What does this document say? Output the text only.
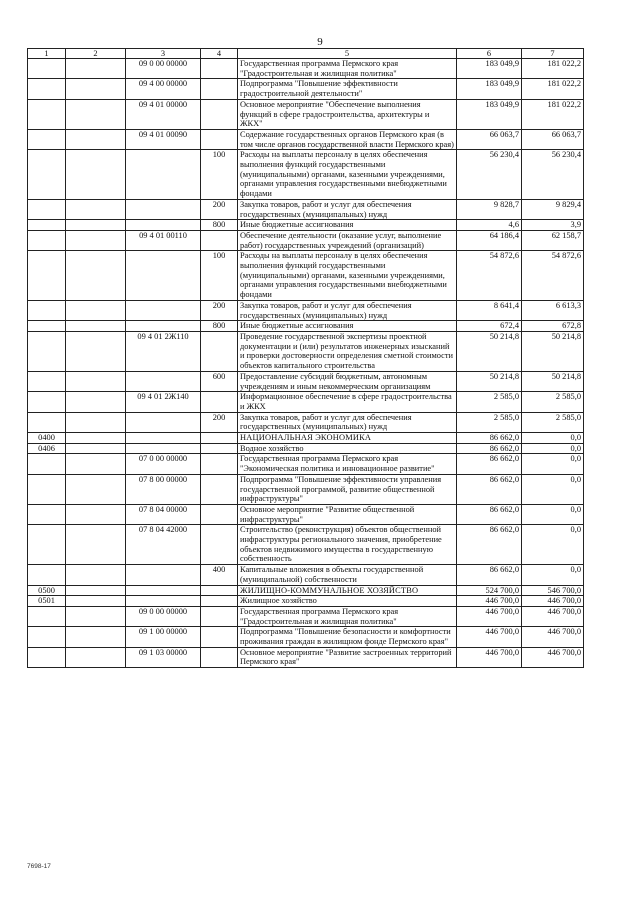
9
1	2	3	4	5	6	7
		09 0 00 00000		Государственная программа Пермского края "Градостроительная и жилищная политика"	183 049,9	181 022,2
		09 4 00 00000		Подпрограмма "Повышение эффективности градостроительной деятельности"	183 049,9	181 022,2
		09 4 01 00000		Основное мероприятие "Обеспечение выполнения функций в сфере градостроительства, архитектуры и ЖКХ"	183 049,9	181 022,2
		09 4 01 00090		Содержание государственных органов Пермского края (в том числе органов государственной власти Пермского края)	66 063,7	66 063,7
			100	Расходы на выплаты персоналу в целях обеспечения выполнения функций государственными (муниципальными) органами, казенными учреждениями, органами управления государственными внебюджетными фондами	56 230,4	56 230,4
			200	Закупка товаров, работ и услуг для обеспечения государственных (муниципальных) нужд	9 828,7	9 829,4
			800	Иные бюджетные ассигнования	4,6	3,9
		09 4 01 00110		Обеспечение деятельности (оказание услуг, выполнение работ) государственных учреждений (организаций)	64 186,4	62 158,7
			100	Расходы на выплаты персоналу в целях обеспечения выполнения функций государственными (муниципальными) органами, казенными учреждениями, органами управления государственными внебюджетными фондами	54 872,6	54 872,6
			200	Закупка товаров, работ и услуг для обеспечения государственных (муниципальных) нужд	8 641,4	6 613,3
			800	Иные бюджетные ассигнования	672,4	672,8
		09 4 01 2Ж110		Проведение государственной экспертизы проектной документации и (или) результатов инженерных изысканий и проверки достоверности определения сметной стоимости объектов капитального строительства	50 214,8	50 214,8
			600	Предоставление субсидий бюджетным, автономным учреждениям и иным некоммерческим организациям	50 214,8	50 214,8
		09 4 01 2Ж140		Информационное обеспечение в сфере градостроительства и ЖКХ	2 585,0	2 585,0
			200	Закупка товаров, работ и услуг для обеспечения государственных (муниципальных) нужд	2 585,0	2 585,0
0400				НАЦИОНАЛЬНАЯ ЭКОНОМИКА	86 662,0	0,0
0406				Водное хозяйство	86 662,0	0,0
		07 0 00 00000		Государственная программа Пермского края "Экономическая политика и инновационное развитие"	86 662,0	0,0
		07 8 00 00000		Подпрограмма "Повышение эффективности управления государственной программой, развитие общественной инфраструктуры"	86 662,0	0,0
		07 8 04 00000		Основное мероприятие "Развитие общественной инфраструктуры"	86 662,0	0,0
		07 8 04 42000		Строительство (реконструкция) объектов общественной инфраструктуры регионального значения, приобретение объектов недвижимого имущества в государственную собственность	86 662,0	0,0
			400	Капитальные вложения в объекты государственной (муниципальной) собственности	86 662,0	0,0
0500				ЖИЛИЩНО-КОММУНАЛЬНОЕ ХОЗЯЙСТВО	524 700,0	546 700,0
0501				Жилищное хозяйство	446 700,0	446 700,0
		09 0 00 00000		Государственная программа Пермского края "Градостроительная и жилищная политика"	446 700,0	446 700,0
		09 1 00 00000		Подпрограмма "Повышение безопасности и комфортности проживания граждан в жилищном фонде Пермского края"	446 700,0	446 700,0
		09 1 03 00000		Основное мероприятие "Развитие застроенных территорий Пермского края"	446 700,0	446 700,0
7698-17
